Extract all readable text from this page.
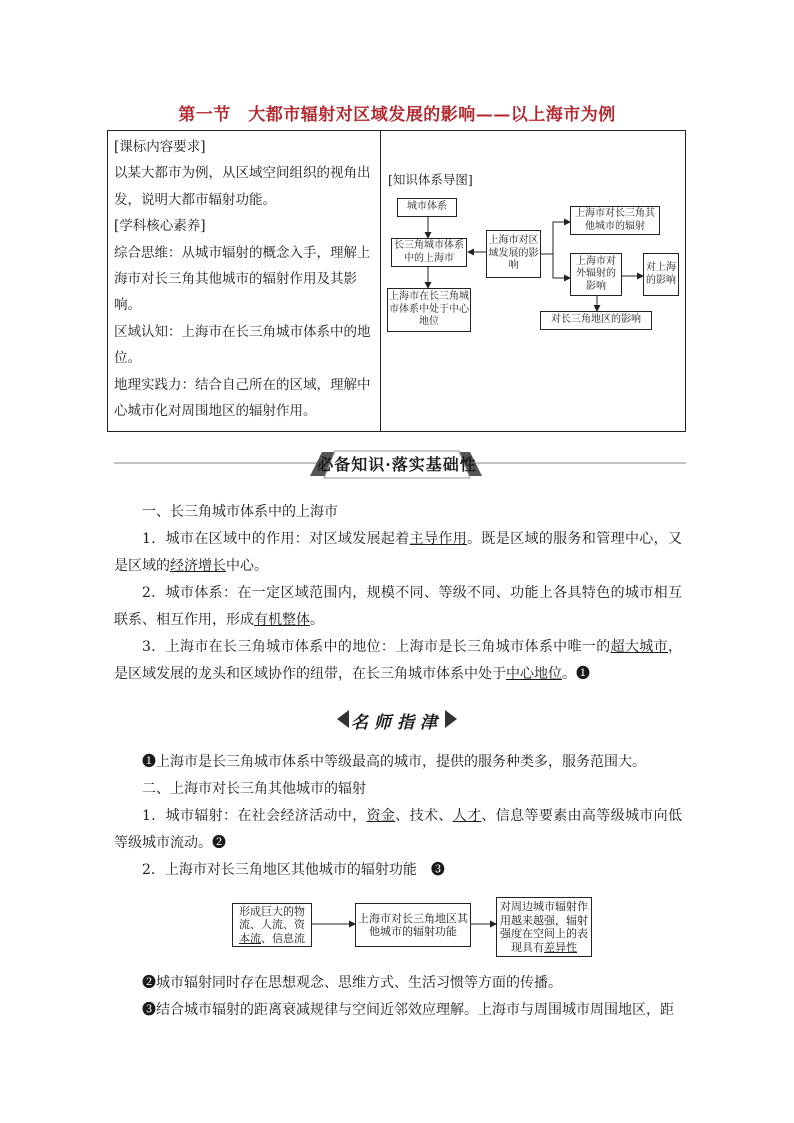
第一节　大都市辐射对区域发展的影响——以上海市为例

[课标内容要求]

以某大都市为例，从区域空间组织的视角出发，说明大都市辐射功能。

[学科核心素养]

综合思维：从城市辐射的概念入手，理解上海市对长三角其他城市的辐射作用及其影响。

区域认知：上海市在长三角城市体系中的地位。

地理实践力：结合自己所在的区域，理解中心城市化对周围地区的辐射作用。

[知识体系导图]
城市体系
长三角城市体系中的上海市
上海市在长三角城市体系中处于中心地位
上海市对区域发展的影响
上海市对长三角其他城市的辐射
上海市对外辐射的影响
对上海的影响
对长三角地区的影响
必备知识·落实基础性

一、长三角城市体系中的上海市

1．城市在区域中的作用：对区域发展起着主导作用。既是区域的服务和管理中心，又是区域的经济增长中心。

2．城市体系：在一定区域范围内，规模不同、等级不同、功能上各具特色的城市相互联系、相互作用，形成有机整体。

3．上海市在长三角城市体系中的地位：上海市是长三角城市体系中唯一的超大城市，是区域发展的龙头和区域协作的纽带，在长三角城市体系中处于中心地位。❶

名师指津

❶上海市是长三角城市体系中等级最高的城市，提供的服务种类多，服务范围大。

二、上海市对长三角其他城市的辐射

1．城市辐射：在社会经济活动中，资金、技术、人才、信息等要素由高等级城市向低等级城市流动。❷

2．上海市对长三角地区其他城市的辐射功能　❸

形成巨大的物流、人流、资本流、信息流
上海市对长三角地区其他城市的辐射功能
对周边城市辐射作用越来越强，辐射强度在空间上的表现具有差异性

❷城市辐射同时存在思想观念、思维方式、生活习惯等方面的传播。

❸结合城市辐射的距离衰减规律与空间近邻效应理解。上海市与周围城市周围地区，距
